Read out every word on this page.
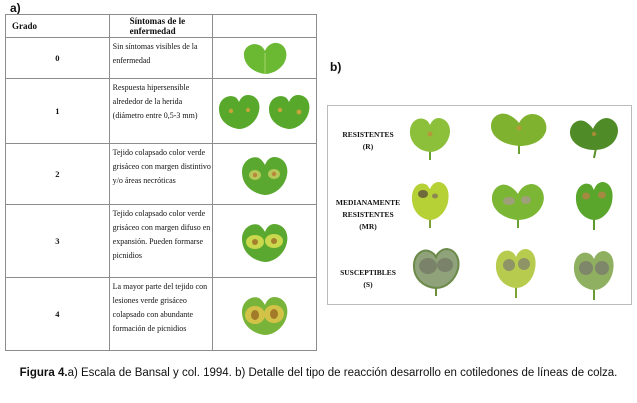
a)
b)
Grado	Síntomas de le enfermedad	
0	Sin síntomas visibles de la enfermedad	
1	Respuesta hipersensible alrededor de la herida (diámetro entre 0,5-3 mm)	
2	Tejido colapsado color verde grisáceo con margen distintivo y/o áreas necróticas	
3	Tejido colapsado color verde grisáceo con margen difuso en expansión. Pueden formarse picnidios	
4	La mayor parte del tejido con lesiones verde grisáceo colapsado con abundante formación de picnidios	
RESISTENTES
(R)
MEDIANAMENTE RESISTENTES
(MR)
SUSCEPTIBLES
(S)
Figura 4.a) Escala de Bansal y col. 1994. b) Detalle del tipo de reacción desarrollo en cotiledones de líneas de colza.
